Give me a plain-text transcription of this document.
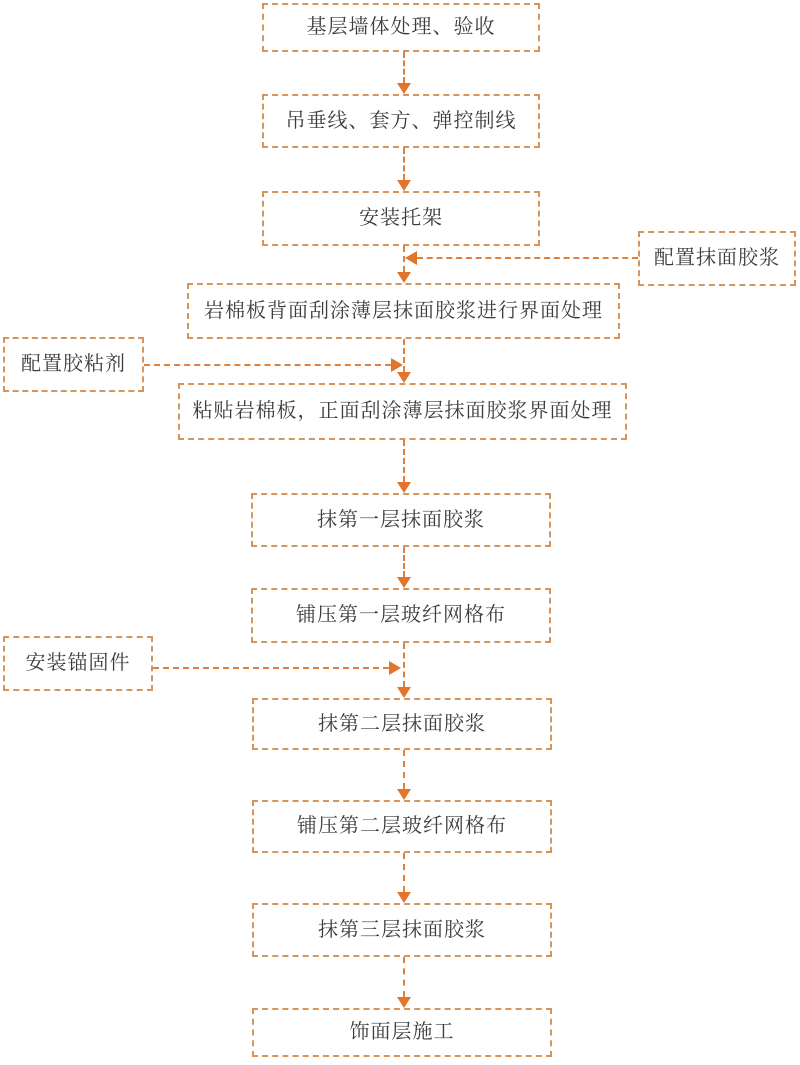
基层墙体处理、验收
吊垂线、套方、弹控制线
安装托架
岩棉板背面刮涂薄层抹面胶浆进行界面处理
粘贴岩棉板，正面刮涂薄层抹面胶浆界面处理
抹第一层抹面胶浆
铺压第一层玻纤网格布
抹第二层抹面胶浆
铺压第二层玻纤网格布
抹第三层抹面胶浆
饰面层施工
配置抹面胶浆
配置胶粘剂
安装锚固件
